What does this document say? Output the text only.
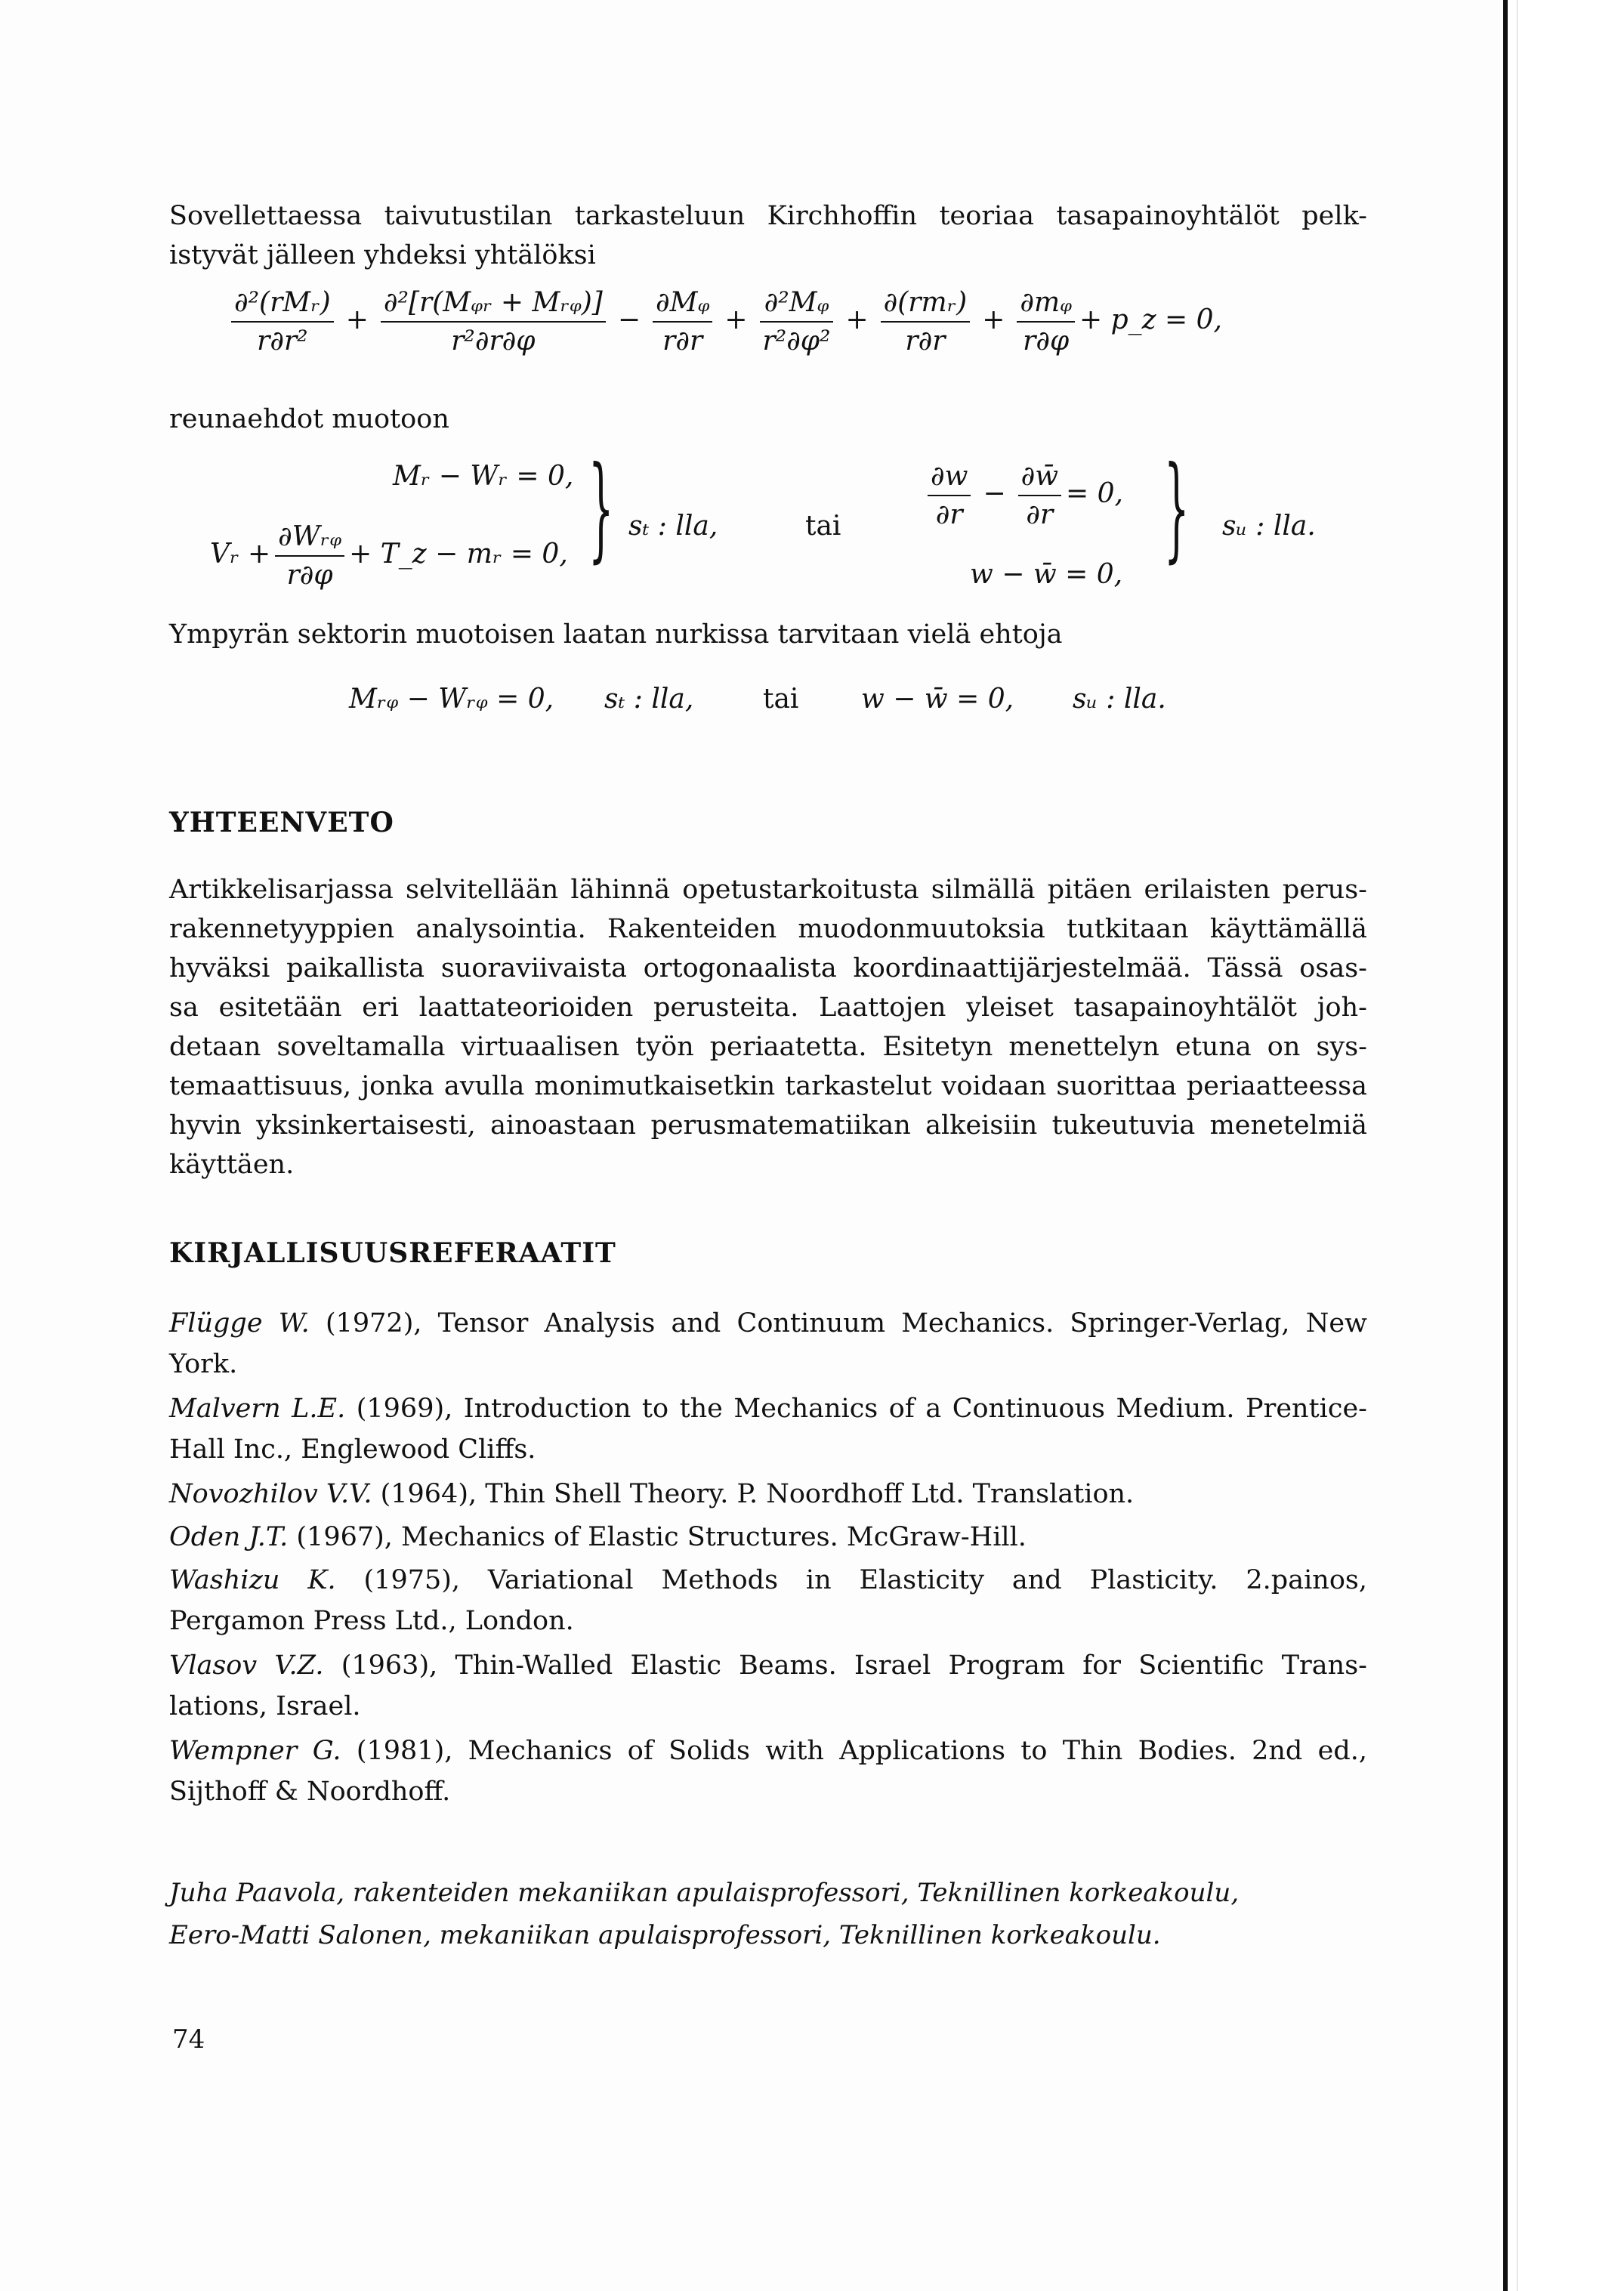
Sovellettaessa taivutustilan tarkasteluun Kirchhoffin teoriaa tasapainoyhtälöt pelk-
istyvät jälleen yhdeksi yhtälöksi
$\frac{\text{∂²(rMᵣ)}}{\text{r∂r²}} + \frac{\text{∂²[r(Mᵩᵣ + Mᵣᵩ)]}}{\text{r²∂r∂φ}} - \frac{\text{∂Mᵩ}}{r\partial r} + \frac{\text{∂²Mᵩ}}{\text{r²∂φ²}} + \frac{\text{∂(rmᵣ)}}{r\partial r} + \frac{\text{∂mᵩ}}{r\partial\varphi}$ + p_z = 0,
reunaehdot muotoon
Mᵣ − Wᵣ = 0,
Vᵣ + $\frac{\text{∂Wᵣᵩ}}{r\partial\varphi}$ + T_z − mᵣ = 0, } sₜ : lla,	tai	$\frac{\partial w}{\partial r} - \frac{\partial w̄}{\partial r} = 0$,
w − w̄ = 0,
} sᵤ : lla.
Ympyrän sektorin muotoisen laatan nurkissa tarvitaan vielä ehtoja
Mᵣᵩ − Wᵣᵩ = 0, sₜ : lla,	tai w − w̄ = 0, sᵤ : lla.
YHTEENVETO
Artikkelisarjassa selvitellään lähinnä opetustarkoitusta silmällä pitäen erilaisten perus-
rakennetyyppien analysointia. Rakenteiden muodonmuutoksia tutkitaan käyttämällä
hyväksi paikallista suoraviivaista ortogonaalista koordinaattijärjestelmää. Tässä osas-
sa esitetään eri laattateorioiden perusteita. Laattojen yleiset tasapainoyhtälöt joh-
detaan soveltamalla virtuaalisen työn periaatetta. Esitetyn menettelyn etuna on sys-
temaattisuus, jonka avulla monimutkaisetkin tarkastelut voidaan suorittaa periaatteessa
hyvin yksinkertaisesti, ainoastaan perusmatematiikan alkeisiin tukeutuvia menetelmiä
käyttäen.
KIRJALLISUUSREFERAATIT
Flügge W. (1972), Tensor Analysis and Continuum Mechanics. Springer-Verlag, New
York.
Malvern L.E. (1969), Introduction to the Mechanics of a Continuous Medium. Prentice-
Hall Inc., Englewood Cliffs.
Novozhilov V.V. (1964), Thin Shell Theory. P. Noordhoff Ltd. Translation.
Oden J.T. (1967), Mechanics of Elastic Structures. McGraw-Hill.
Washizu K. (1975), Variational Methods in Elasticity and Plasticity. 2.painos,
Pergamon Press Ltd., London.
Vlasov V.Z. (1963), Thin-Walled Elastic Beams. Israel Program for Scientific Trans-
lations, Israel.
Wempner G. (1981), Mechanics of Solids with Applications to Thin Bodies. 2nd ed.,
Sijthoff & Noordhoff.
Juha Paavola, rakenteiden mekaniikan apulaisprofessori, Teknillinen korkeakoulu,
Eero-Matti Salonen, mekaniikan apulaisprofessori, Teknillinen korkeakoulu.
74
